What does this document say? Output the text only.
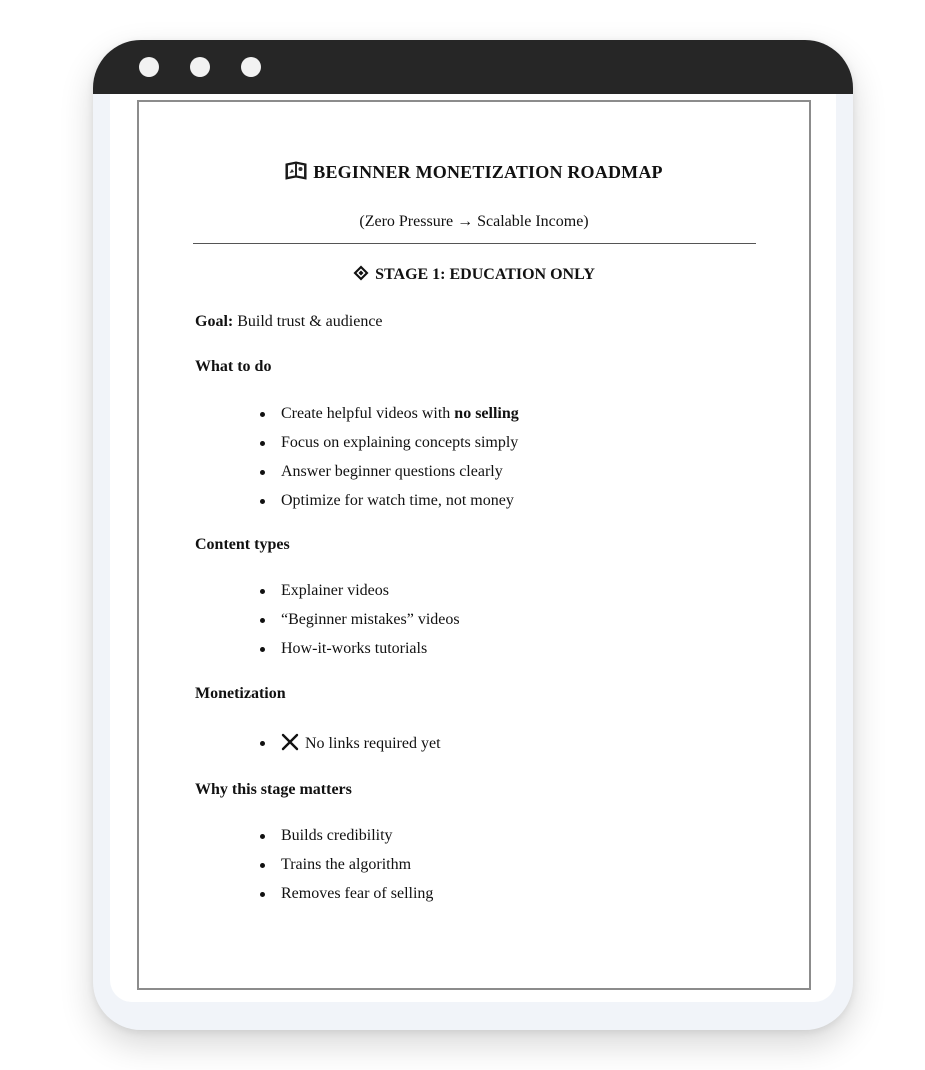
BEGINNER MONETIZATION ROADMAP
(Zero Pressure → Scalable Income)
STAGE 1: EDUCATION ONLY
Goal: Build trust & audience
What to do
Create helpful videos with no selling
Focus on explaining concepts simply
Answer beginner questions clearly
Optimize for watch time, not money
Content types
Explainer videos
“Beginner mistakes” videos
How-it-works tutorials
Monetization
No links required yet
Why this stage matters
Builds credibility
Trains the algorithm
Removes fear of selling
